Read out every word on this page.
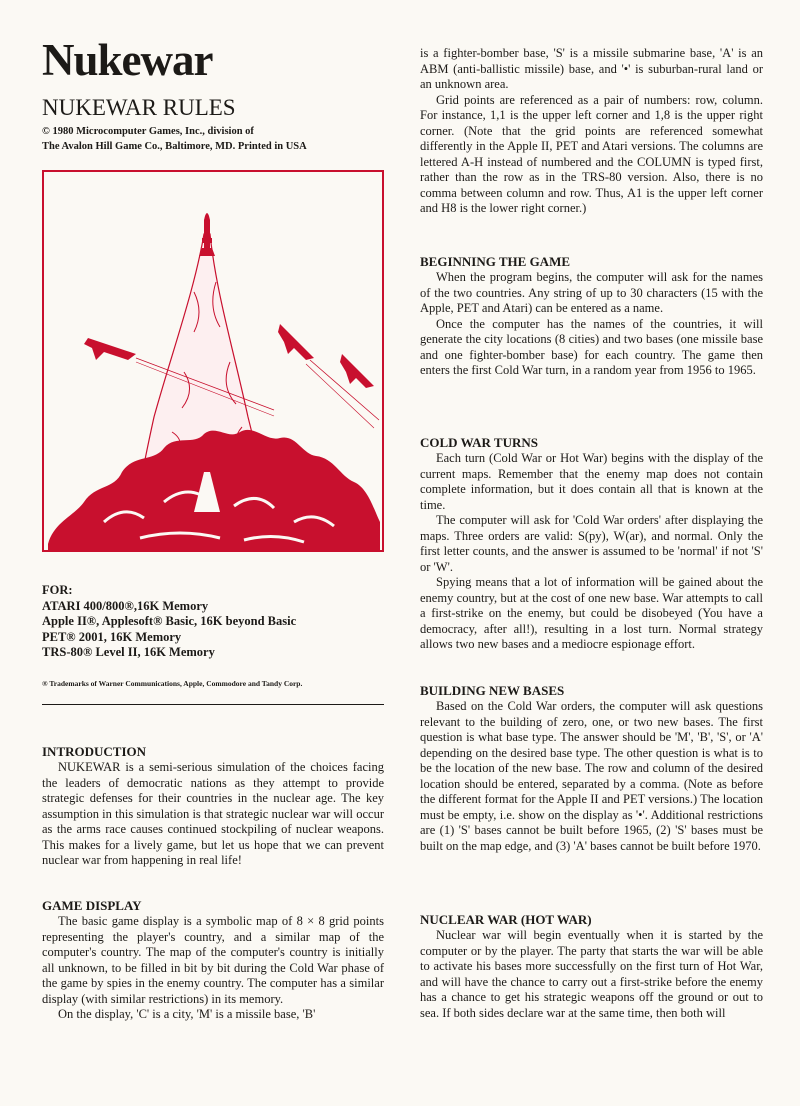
Nukewar
NUKEWAR RULES
© 1980 Microcomputer Games, Inc., division of
The Avalon Hill Game Co., Baltimore, MD. Printed in USA
FOR:
ATARI 400/800®,16K Memory
Apple II®, Applesoft® Basic, 16K beyond Basic
PET® 2001, 16K Memory
TRS-80® Level II, 16K Memory
® Trademarks of Warner Communications, Apple, Commodore and Tandy Corp.
INTRODUCTION

NUKEWAR is a semi-serious simulation of the choices facing the leaders of democratic nations as they attempt to provide strategic defenses for their countries in the nuclear age. The key assumption in this simulation is that strategic nuclear war will occur as the arms race causes continued stockpiling of nuclear weapons. This makes for a lively game, but let us hope that we can prevent nuclear war from happening in real life!

GAME DISPLAY

The basic game display is a symbolic map of 8 × 8 grid points representing the player's country, and a similar map of the computer's country. The map of the computer's country is initially all unknown, to be filled in bit by bit during the Cold War phase of the game by spies in the enemy country. The computer has a similar display (with similar restrictions) in its memory.

On the display, 'C' is a city, 'M' is a missile base, 'B'

is a fighter-bomber base, 'S' is a missile submarine base, 'A' is an ABM (anti-ballistic missile) base, and '•' is suburban-rural land or an unknown area.

Grid points are referenced as a pair of numbers: row, column. For instance, 1,1 is the upper left corner and 1,8 is the upper right corner. (Note that the grid points are referenced somewhat differently in the Apple II, PET and Atari versions. The columns are lettered A-H instead of numbered and the COLUMN is typed first, rather than the row as in the TRS-80 version. Also, there is no comma between column and row. Thus, A1 is the upper left corner and H8 is the lower right corner.)

BEGINNING THE GAME

When the program begins, the computer will ask for the names of the two countries. Any string of up to 30 characters (15 with the Apple, PET and Atari) can be entered as a name.

Once the computer has the names of the countries, it will generate the city locations (8 cities) and two bases (one missile base and one fighter-bomber base) for each country. The game then enters the first Cold War turn, in a random year from 1956 to 1965.

COLD WAR TURNS

Each turn (Cold War or Hot War) begins with the display of the current maps. Remember that the enemy map does not contain complete information, but it does contain all that is known at the time.

The computer will ask for 'Cold War orders' after displaying the maps. Three orders are valid: S(py), W(ar), and normal. Only the first letter counts, and the answer is assumed to be 'normal' if not 'S' or 'W'.

Spying means that a lot of information will be gained about the enemy country, but at the cost of one new base. War attempts to call a first-strike on the enemy, but could be disobeyed (You have a democracy, after all!), resulting in a lost turn. Normal strategy allows two new bases and a mediocre espionage effort.

BUILDING NEW BASES

Based on the Cold War orders, the computer will ask questions relevant to the building of zero, one, or two new bases. The first question is what base type. The answer should be 'M', 'B', 'S', or 'A' depending on the desired base type. The other question is what is to be the location of the new base. The row and column of the desired location should be entered, separated by a comma. (Note as before the different format for the Apple II and PET versions.) The location must be empty, i.e. show on the display as '•'. Additional restrictions are (1) 'S' bases cannot be built before 1965, (2) 'S' bases must be built on the map edge, and (3) 'A' bases cannot be built before 1970.

NUCLEAR WAR (HOT WAR)

Nuclear war will begin eventually when it is started by the computer or by the player. The party that starts the war will be able to activate his bases more successfully on the first turn of Hot War, and will have the chance to carry out a first-strike before the enemy has a chance to get his strategic weapons off the ground or out to sea. If both sides declare war at the same time, then both will
